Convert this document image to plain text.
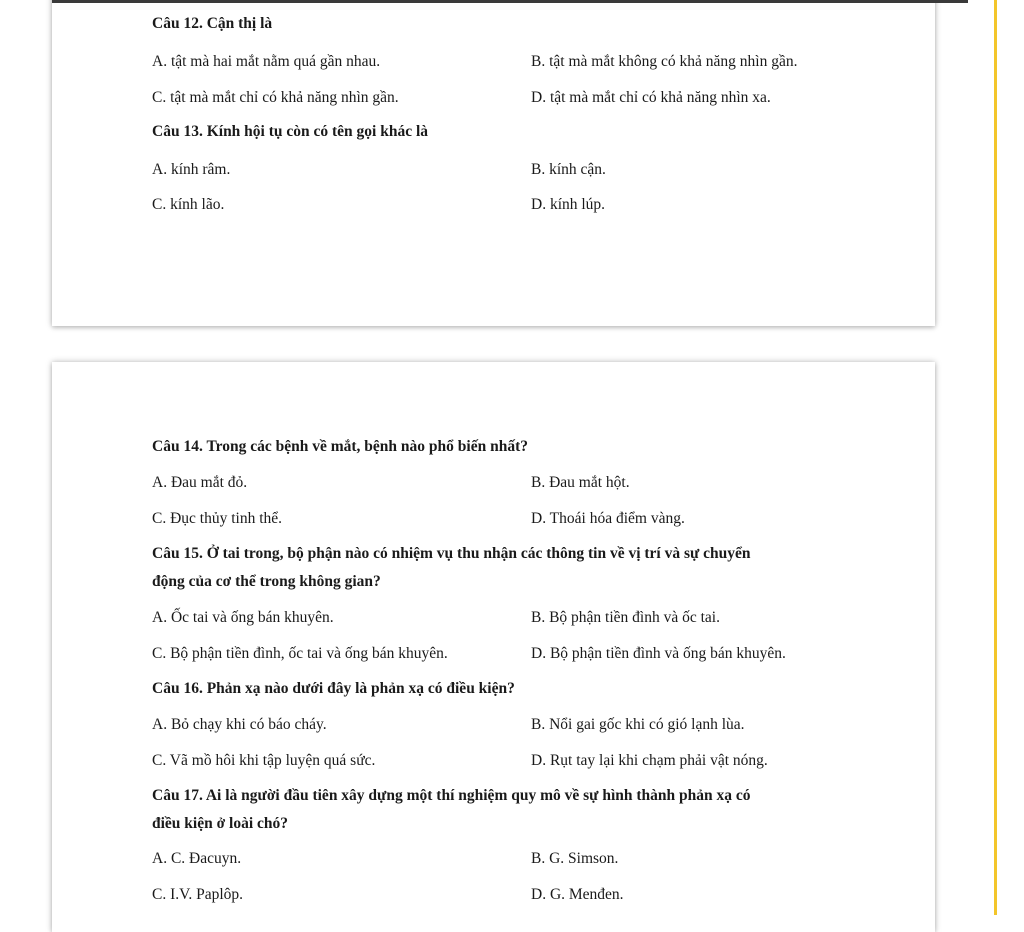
Câu 12. Cận thị là
A. tật mà hai mắt nằm quá gần nhau.	B. tật mà mắt không có khả năng nhìn gần.
C. tật mà mắt chỉ có khả năng nhìn gần.	D. tật mà mắt chỉ có khả năng nhìn xa.
Câu 13. Kính hội tụ còn có tên gọi khác là
A. kính râm.	B. kính cận.
C. kính lão.	D. kính lúp.
Câu 14. Trong các bệnh về mắt, bệnh nào phổ biến nhất?
A. Đau mắt đỏ.	B. Đau mắt hột.
C. Đục thủy tinh thể.	D. Thoái hóa điểm vàng.
Câu 15. Ở tai trong, bộ phận nào có nhiệm vụ thu nhận các thông tin về vị trí và sự chuyển
động của cơ thể trong không gian?
A. Ốc tai và ống bán khuyên.	B. Bộ phận tiền đình và ốc tai.
C. Bộ phận tiền đình, ốc tai và ống bán khuyên.	D. Bộ phận tiền đình và ống bán khuyên.
Câu 16. Phản xạ nào dưới đây là phản xạ có điều kiện?
A. Bỏ chạy khi có báo cháy.	B. Nổi gai gốc khi có gió lạnh lùa.
C. Vã mồ hôi khi tập luyện quá sức.	D. Rụt tay lại khi chạm phải vật nóng.
Câu 17. Ai là người đầu tiên xây dựng một thí nghiệm quy mô về sự hình thành phản xạ có
điều kiện ở loài chó?
A. C. Đacuyn.	B. G. Simson.
C. I.V. Paplôp.	D. G. Menđen.
